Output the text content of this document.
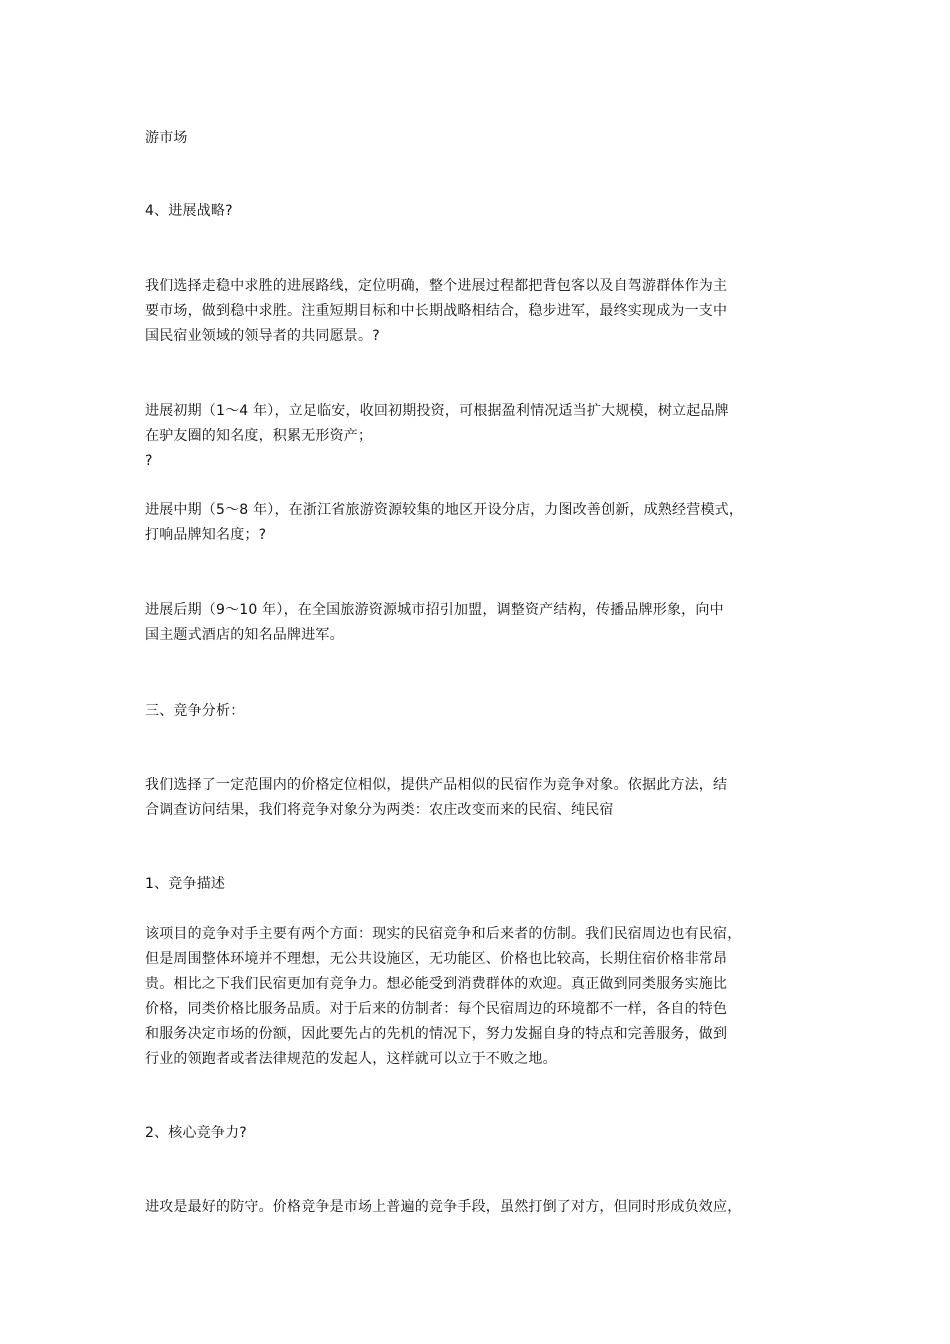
游市场
4、进展战略?
我们选择走稳中求胜的进展路线，定位明确，整个进展过程都把背包客以及自驾游群体作为主
要市场，做到稳中求胜。注重短期目标和中长期战略相结合，稳步进军，最终实现成为一支中
国民宿业领域的领导者的共同愿景。?
进展初期（1～4 年），立足临安，收回初期投资，可根据盈利情况适当扩大规模，树立起品牌
在驴友圈的知名度，积累无形资产；
?
进展中期（5～8 年），在浙江省旅游资源较集的地区开设分店，力图改善创新，成熟经营模式，
打响品牌知名度；?
进展后期（9～10 年），在全国旅游资源城市招引加盟，调整资产结构，传播品牌形象，向中
国主题式酒店的知名品牌进军。
三、竞争分析：
我们选择了一定范围内的价格定位相似，提供产品相似的民宿作为竞争对象。依据此方法，结
合调查访问结果，我们将竞争对象分为两类：农庄改变而来的民宿、纯民宿
1、竞争描述
该项目的竞争对手主要有两个方面：现实的民宿竞争和后来者的仿制。我们民宿周边也有民宿，
但是周围整体环境并不理想，无公共设施区，无功能区、价格也比较高，长期住宿价格非常昂
贵。相比之下我们民宿更加有竞争力。想必能受到消费群体的欢迎。真正做到同类服务实施比
价格，同类价格比服务品质。对于后来的仿制者：每个民宿周边的环境都不一样，各自的特色
和服务决定市场的份额，因此要先占的先机的情况下，努力发掘自身的特点和完善服务，做到
行业的领跑者或者法律规范的发起人，这样就可以立于不败之地。
2、核心竞争力?
进攻是最好的防守。价格竞争是市场上普遍的竞争手段，虽然打倒了对方，但同时形成负效应，
